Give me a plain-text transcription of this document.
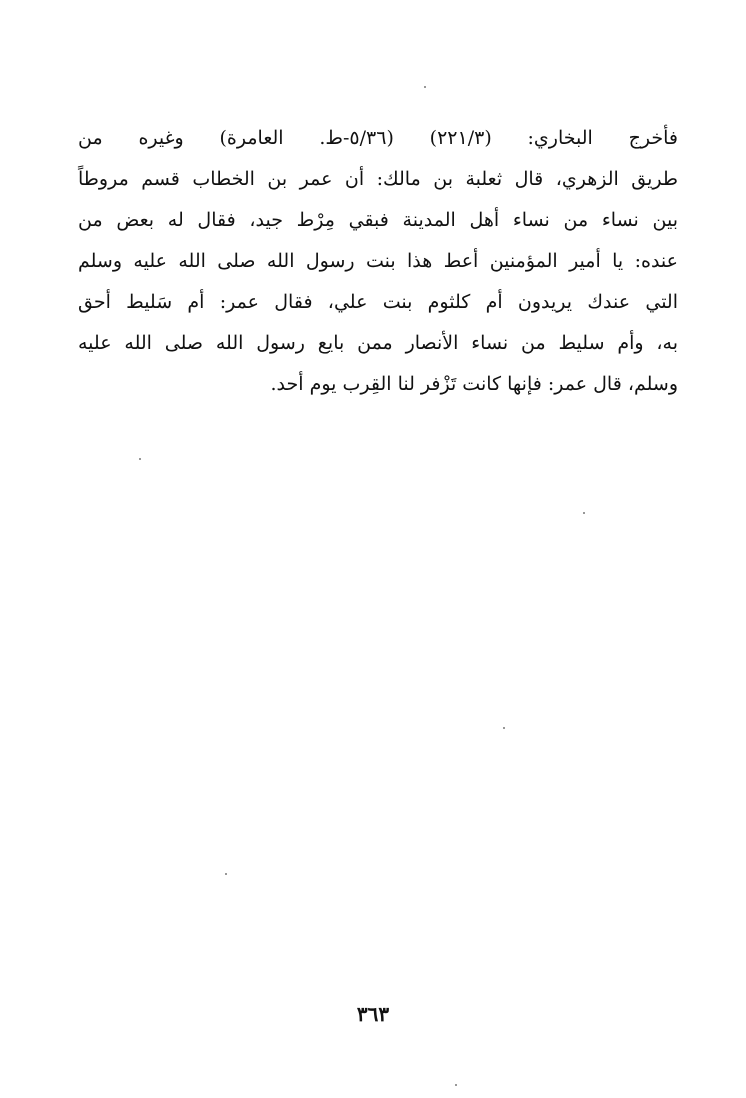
فأخرج البخاري: (٢٢١/٣) (٥/٣٦-ط. العامرة) وغيره من
طريق الزهري، قال ثعلبة بن مالك: أن عمر بن الخطاب قسم مروطاً
بين نساء من نساء أهل المدينة فبقي مِرْط جيد، فقال له بعض من
عنده: يا أمير المؤمنين أعط هذا بنت رسول الله صلى الله عليه وسلم
التي عندك يريدون أم كلثوم بنت علي، فقال عمر: أم سَليط أحق
به، وأم سليط من نساء الأنصار ممن بايع رسول الله صلى الله عليه
وسلم، قال عمر: فإنها كانت تَزْفر لنا القِرب يوم أحد.
٣٦٣
